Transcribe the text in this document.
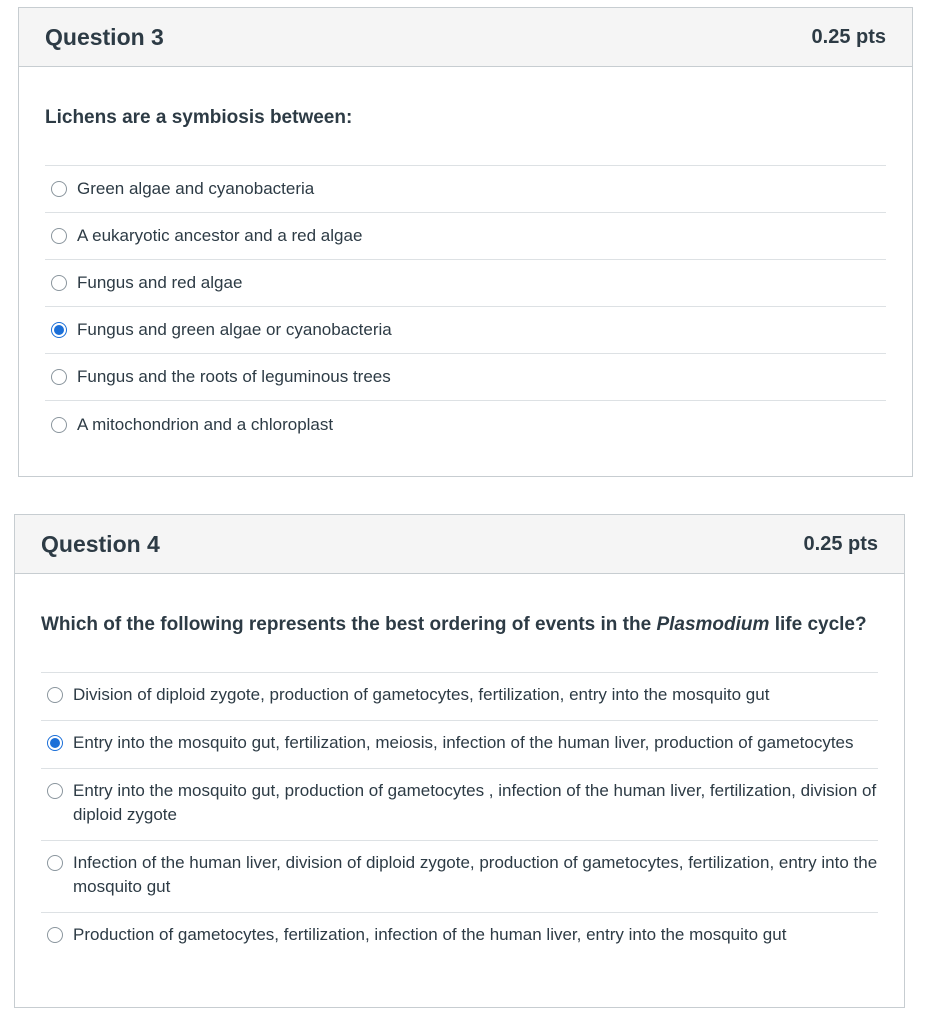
Question 3	0.25 pts
Lichens are a symbiosis between:
Green algae and cyanobacteria
A eukaryotic ancestor and a red algae
Fungus and red algae
Fungus and green algae or cyanobacteria
Fungus and the roots of leguminous trees
A mitochondrion and a chloroplast
Question 4	0.25 pts
Which of the following represents the best ordering of events in the Plasmodium life cycle?
Division of diploid zygote, production of gametocytes, fertilization, entry into the mosquito gut
Entry into the mosquito gut, fertilization, meiosis, infection of the human liver, production of gametocytes
Entry into the mosquito gut, production of gametocytes , infection of the human liver, fertilization, division of diploid zygote
Infection of the human liver, division of diploid zygote, production of gametocytes, fertilization, entry into the mosquito gut
Production of gametocytes, fertilization, infection of the human liver, entry into the mosquito gut
